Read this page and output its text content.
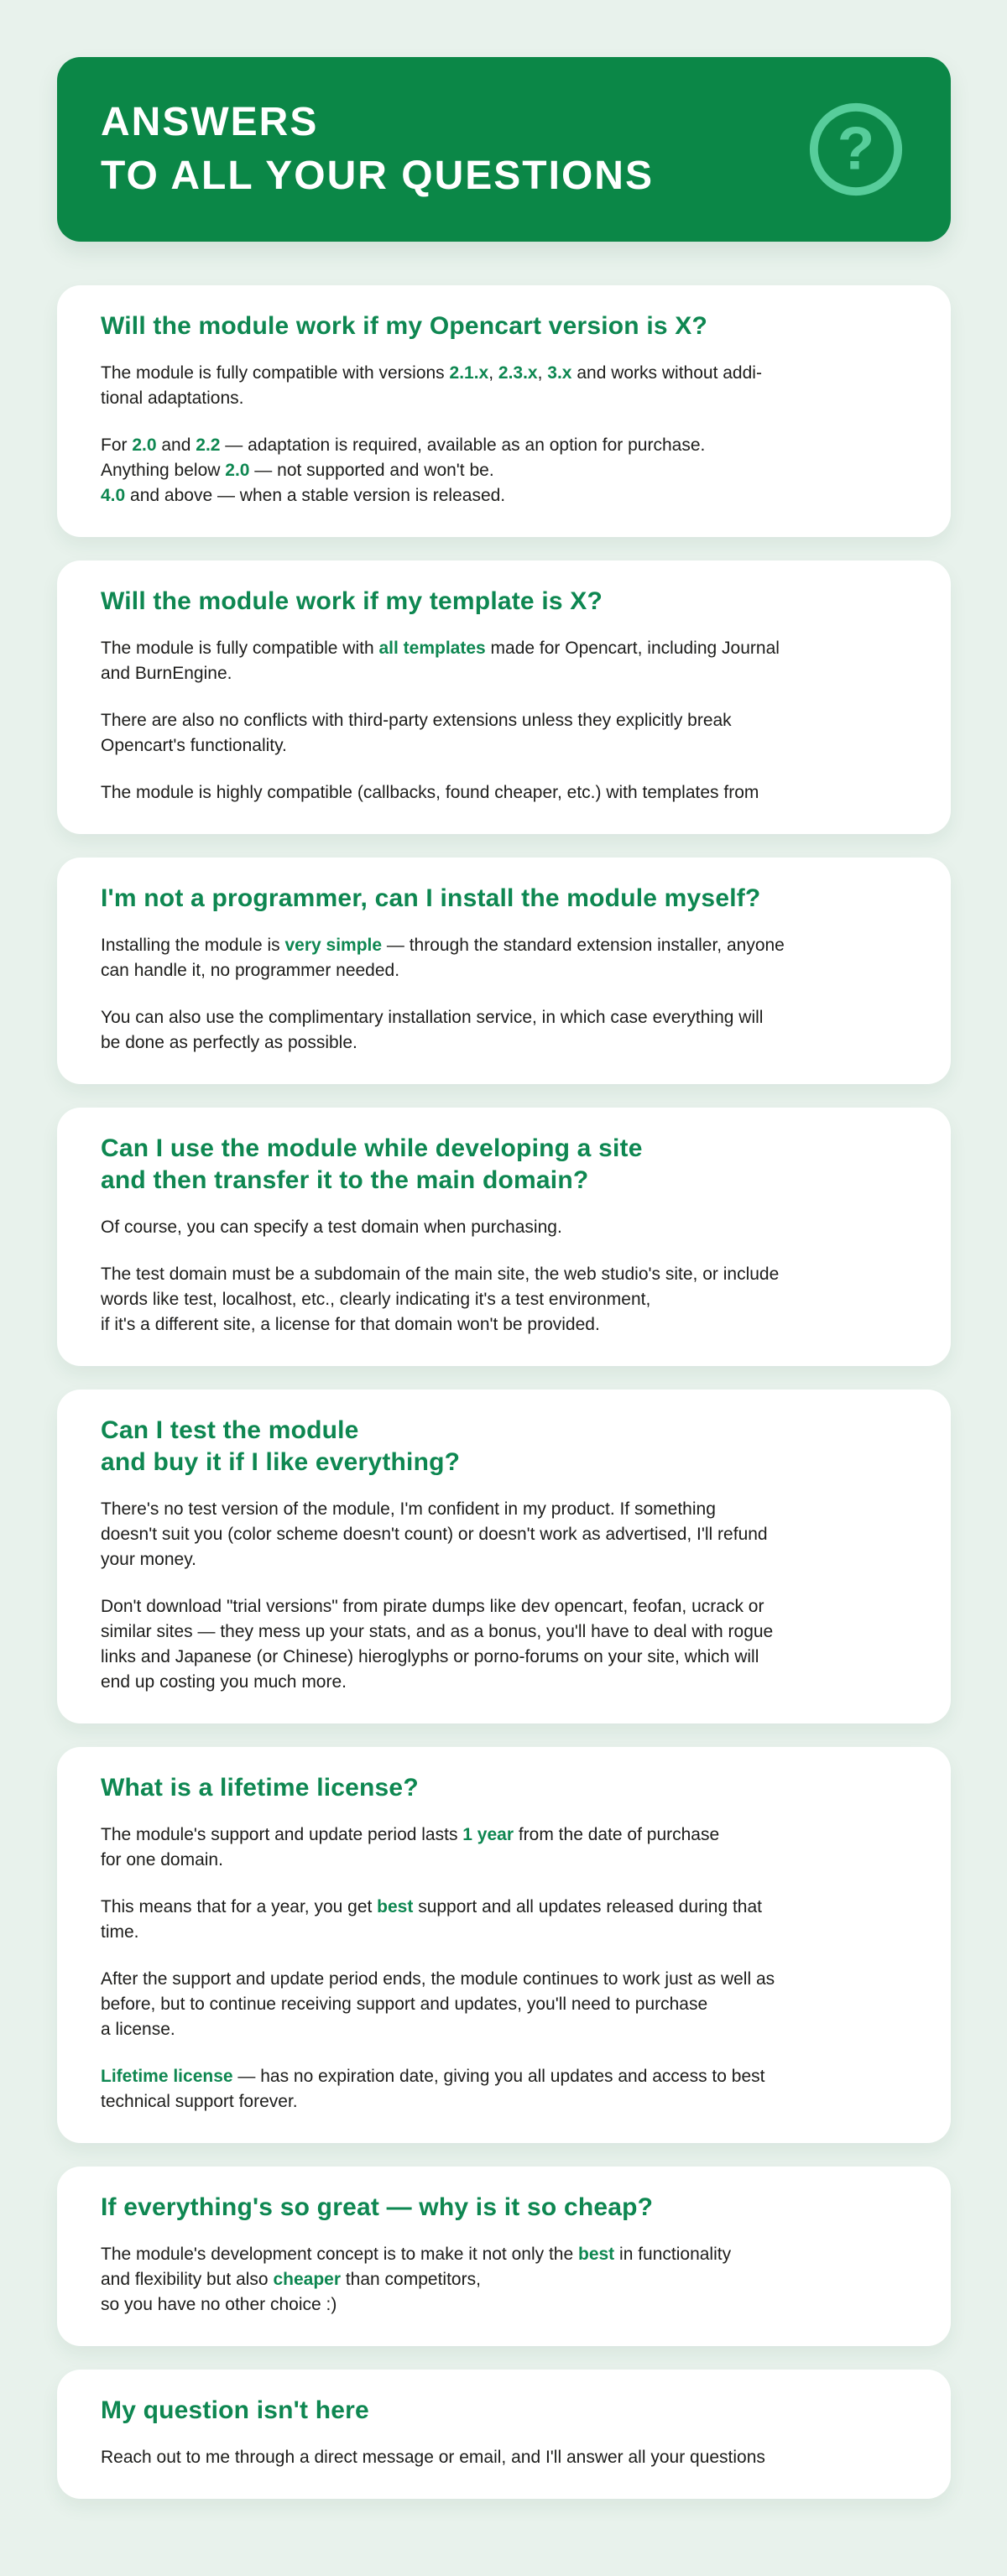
ANSWERS
TO ALL YOUR QUESTIONS	?
Will the module work if my Opencart version is X?

The module is fully compatible with versions 2.1.x, 2.3.x, 3.x and works without addi-
tional adaptations.

For 2.0 and 2.2 — adaptation is required, available as an option for purchase.
Anything below 2.0 — not supported and won't be.
4.0 and above — when a stable version is released.

Will the module work if my template is X?

The module is fully compatible with all templates made for Opencart, including Journal
and BurnEngine.

There are also no conflicts with third-party extensions unless they explicitly break
Opencart's functionality.

The module is highly compatible (callbacks, found cheaper, etc.) with templates from

I'm not a programmer, can I install the module myself?

Installing the module is very simple — through the standard extension installer, anyone
can handle it, no programmer needed.

You can also use the complimentary installation service, in which case everything will
be done as perfectly as possible.

Can I use the module while developing a site
and then transfer it to the main domain?

Of course, you can specify a test domain when purchasing.

The test domain must be a subdomain of the main site, the web studio's site, or include
words like test, localhost, etc., clearly indicating it's a test environment,
if it's a different site, a license for that domain won't be provided.

Can I test the module
and buy it if I like everything?

There's no test version of the module, I'm confident in my product. If something
doesn't suit you (color scheme doesn't count) or doesn't work as advertised, I'll refund
your money.

Don't download "trial versions" from pirate dumps like dev opencart, feofan, ucrack or
similar sites — they mess up your stats, and as a bonus, you'll have to deal with rogue
links and Japanese (or Chinese) hieroglyphs or porno-forums on your site, which will
end up costing you much more.

What is a lifetime license?

The module's support and update period lasts 1 year from the date of purchase
for one domain.

This means that for a year, you get best support and all updates released during that
time.

After the support and update period ends, the module continues to work just as well as
before, but to continue receiving support and updates, you'll need to purchase
a license.

Lifetime license — has no expiration date, giving you all updates and access to best
technical support forever.

If everything's so great — why is it so cheap?

The module's development concept is to make it not only the best in functionality
and flexibility but also cheaper than competitors,
so you have no other choice :)

My question isn't here

Reach out to me through a direct message or email, and I'll answer all your questions
